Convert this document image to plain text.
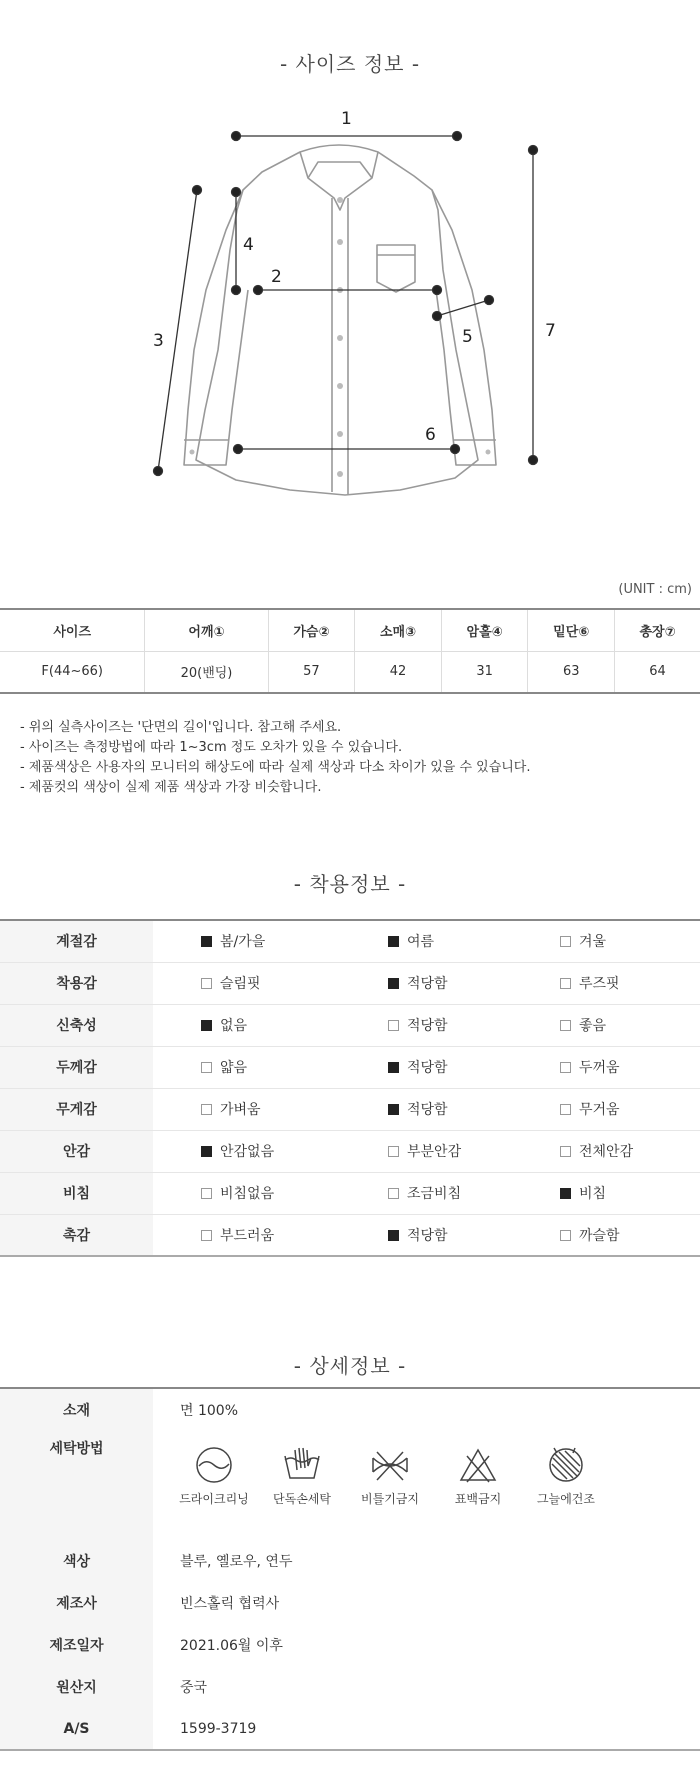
- 사이즈 정보 -
1
2
3
4
5
6
7
(UNIT : cm)
사이즈	어깨①	가슴②	소매③	암홀④	밑단⑥	총장⑦
F(44~66)	20(밴딩)	57	42	31	63	64
- 위의 실측사이즈는 '단면의 길이'입니다. 참고해 주세요.
- 사이즈는 측정방법에 따라 1~3cm 정도 오차가 있을 수 있습니다.
- 제품색상은 사용자의 모니터의 해상도에 따라 실제 색상과 다소 차이가 있을 수 있습니다.
- 제품컷의 색상이 실제 제품 색상과 가장 비슷합니다.
- 착용정보 -
계절감	봄/가을	여름	겨울
착용감	슬림핏	적당함	루즈핏
신축성	없음	적당함	좋음
두께감	얇음	적당함	두꺼움
무게감	가벼움	적당함	무거움
안감	안감없음	부분안감	전체안감
비침	비침없음	조금비침	비침
촉감	부드러움	적당함	까슬함
- 상세정보 -
소재	면 100%
세탁방법	드라이크리닝 단독손세탁 비틀기금지 표백금지 그늘에건조

색상	블루, 옐로우, 연두
제조사	빈스홀릭 협력사
제조일자	2021.06월 이후
원산지	중국
A/S	1599-3719
